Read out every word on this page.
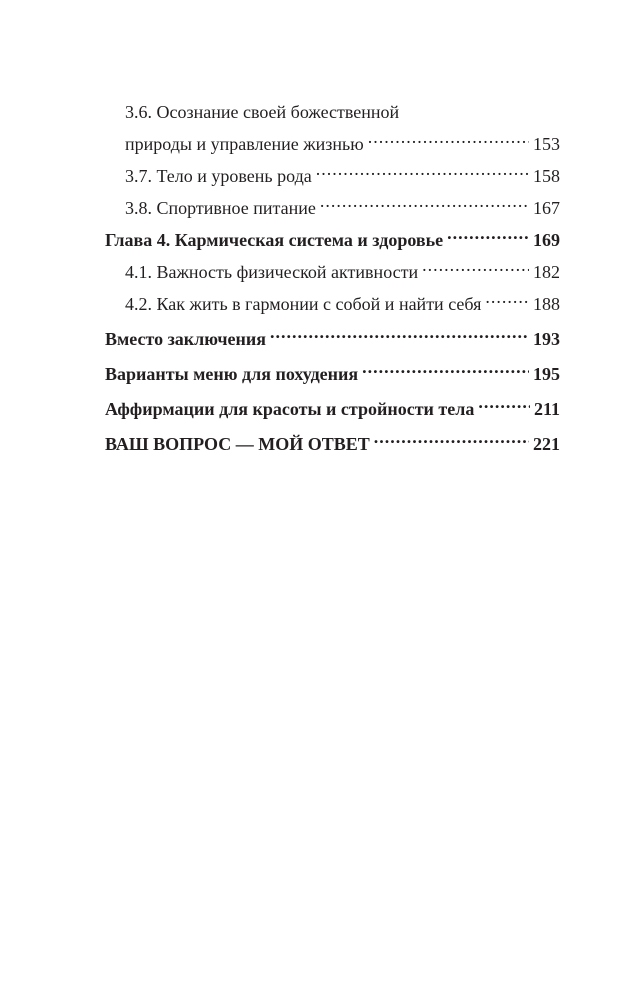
3.6. Осознание своей божественной
природы и управление жизнью .....	153
3.7. Тело и уровень рода .....	158
3.8. Спортивное питание .....	167
Глава 4. Кармическая система и здоровье .....	169
4.1. Важность физической активности .....	182
4.2. Как жить в гармонии с собой и найти себя .....	188
Вместо заключения .....	193
Варианты меню для похудения .....	195
Аффирмации для красоты и стройности тела .....	211
ВАШ ВОПРОС — МОЙ ОТВЕТ .....	221
